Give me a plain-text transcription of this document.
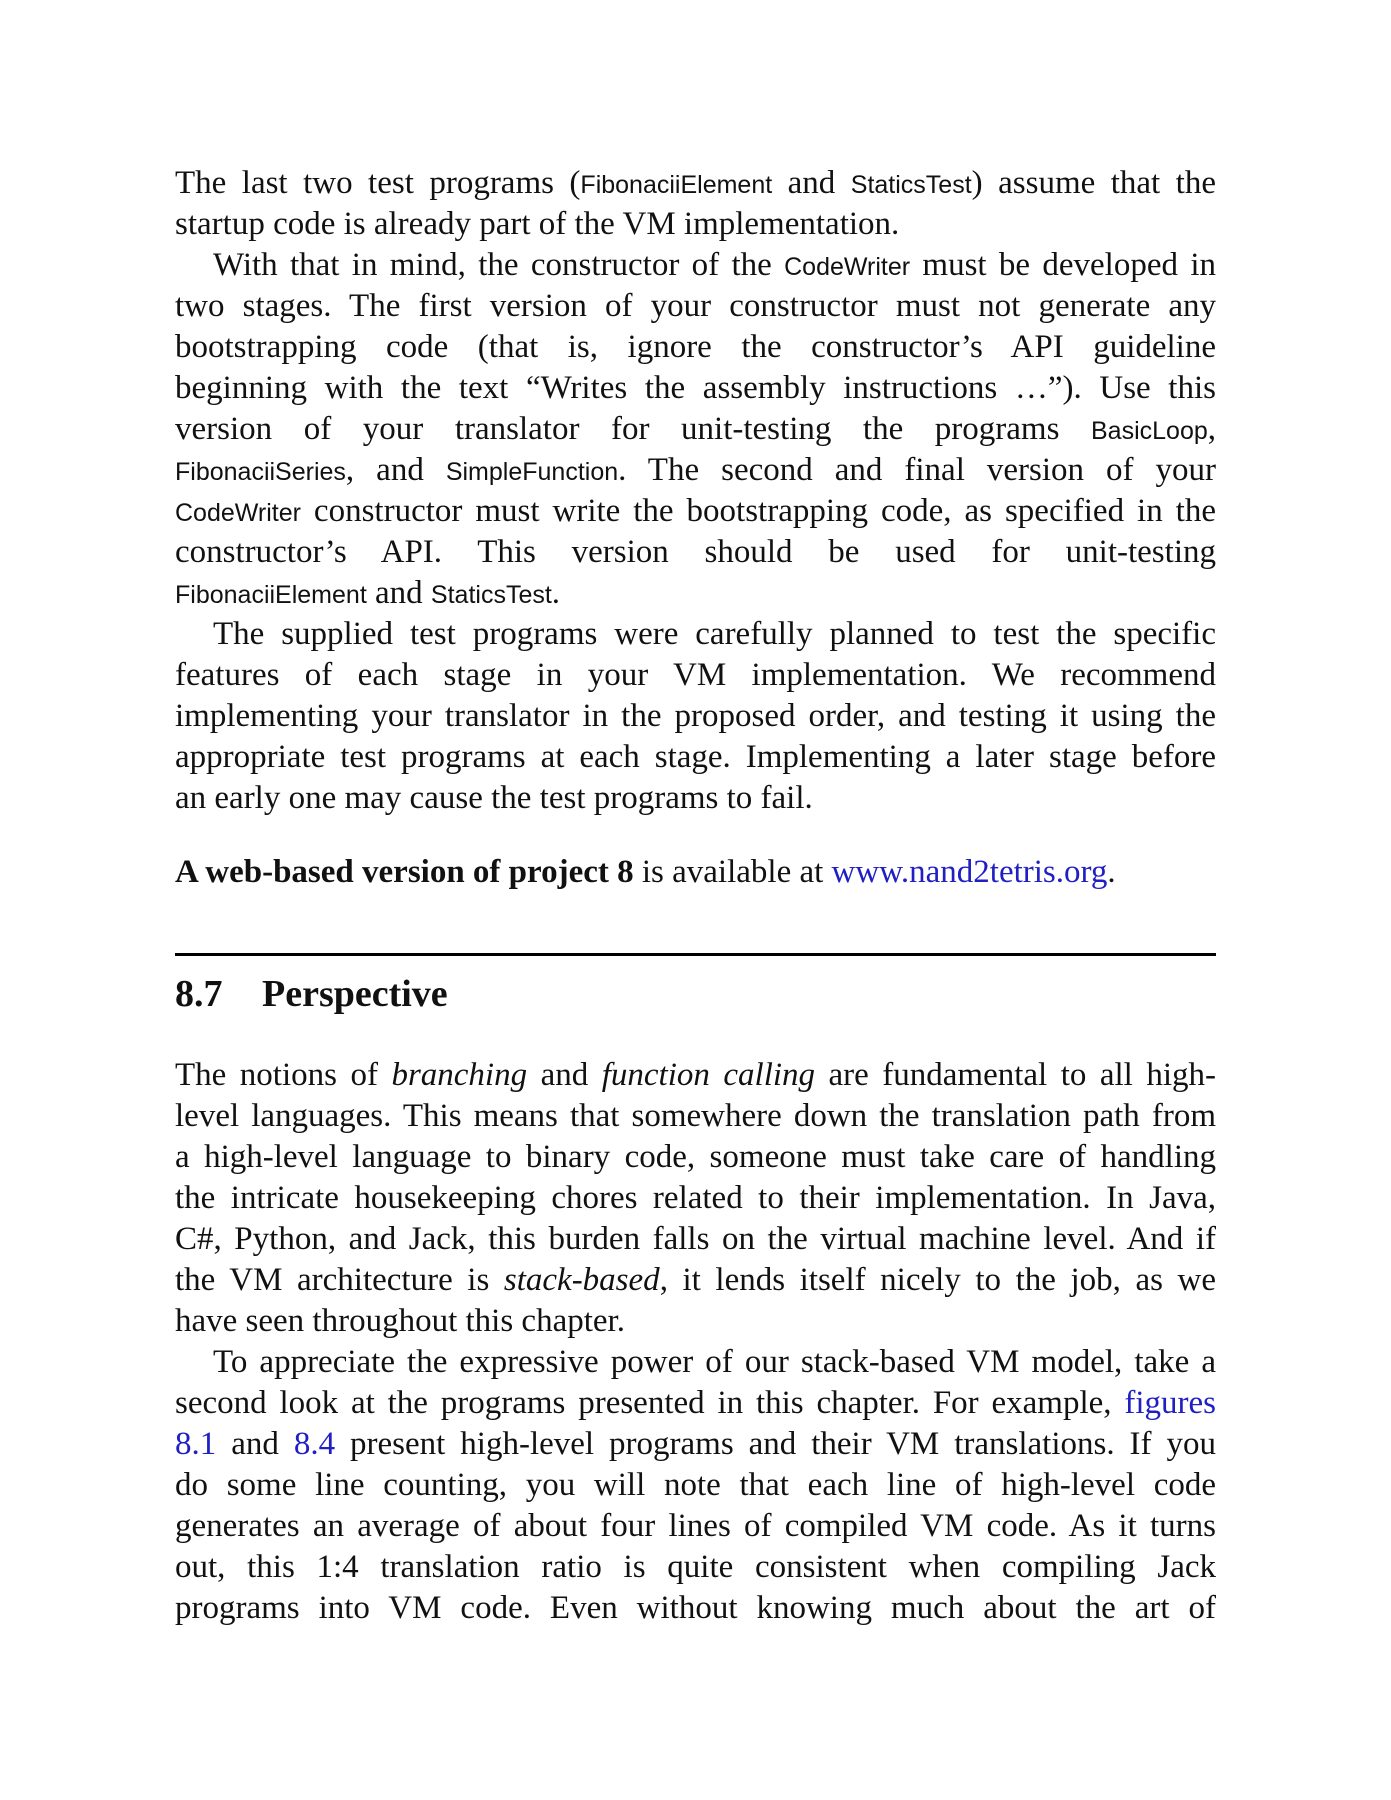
The last two test programs (FibonaciiElement and StaticsTest) assume that the
startup code is already part of the VM implementation.
With that in mind, the constructor of the CodeWriter must be developed in
two stages. The first version of your constructor must not generate any
bootstrapping code (that is, ignore the constructor’s API guideline
beginning with the text “Writes the assembly instructions …”). Use this
version of your translator for unit-testing the programs BasicLoop,
FibonaciiSeries, and SimpleFunction. The second and final version of your
CodeWriter constructor must write the bootstrapping code, as specified in the
constructor’s API. This version should be used for unit-testing
FibonaciiElement and StaticsTest.
The supplied test programs were carefully planned to test the specific
features of each stage in your VM implementation. We recommend
implementing your translator in the proposed order, and testing it using the
appropriate test programs at each stage. Implementing a later stage before
an early one may cause the test programs to fail.
A web-based version of project 8 is available at www.nand2tetris.org.
8.7 Perspective
The notions of branching and function calling are fundamental to all high-
level languages. This means that somewhere down the translation path from
a high-level language to binary code, someone must take care of handling
the intricate housekeeping chores related to their implementation. In Java,
C#, Python, and Jack, this burden falls on the virtual machine level. And if
the VM architecture is stack-based, it lends itself nicely to the job, as we
have seen throughout this chapter.
To appreciate the expressive power of our stack-based VM model, take a
second look at the programs presented in this chapter. For example, figures
8.1 and 8.4 present high-level programs and their VM translations. If you
do some line counting, you will note that each line of high-level code
generates an average of about four lines of compiled VM code. As it turns
out, this 1:4 translation ratio is quite consistent when compiling Jack
programs into VM code. Even without knowing much about the art of
